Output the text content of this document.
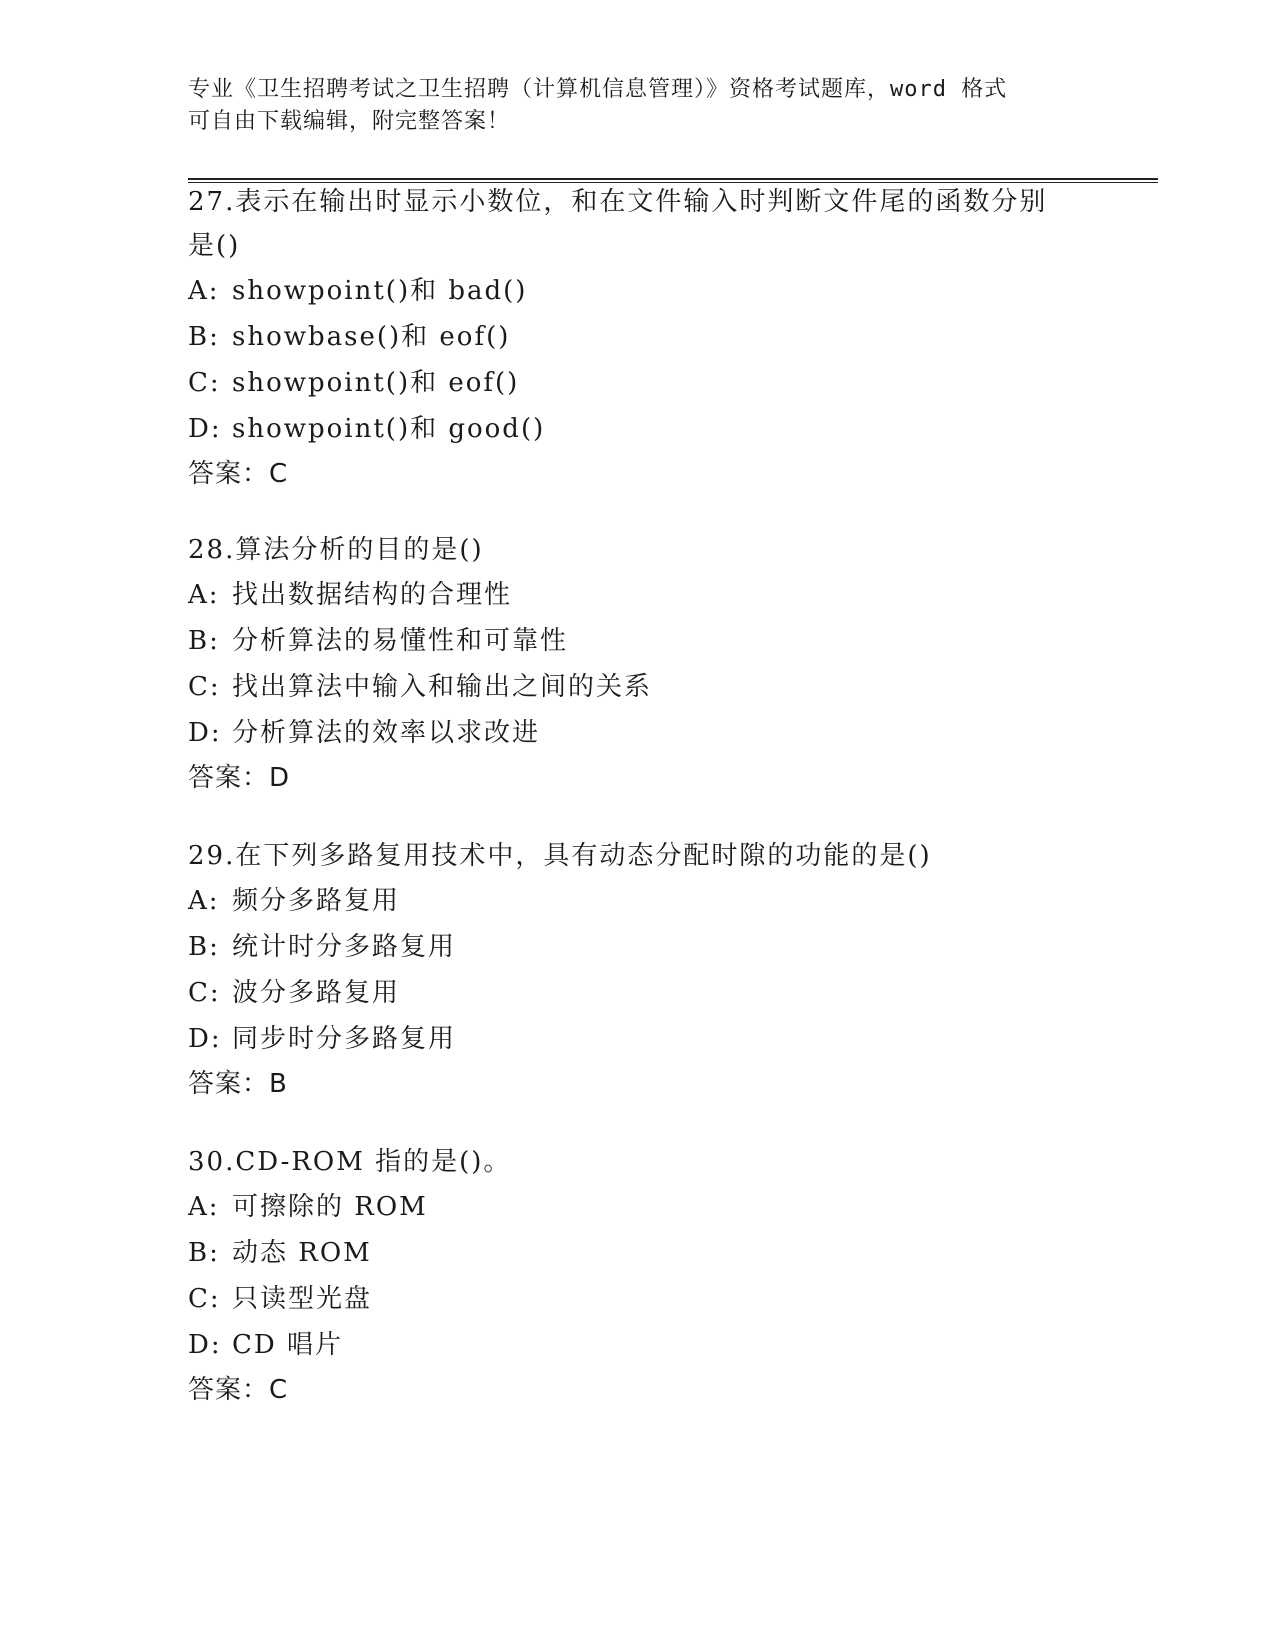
专业《卫生招聘考试之卫生招聘（计算机信息管理）》资格考试题库，word 格式
可自由下载编辑，附完整答案！

27.表示在输出时显示小数位，和在文件输入时判断文件尾的函数分别

是()

A: showpoint()和 bad()

B: showbase()和 eof()

C: showpoint()和 eof()

D: showpoint()和 good()

答案：C

28.算法分析的目的是()

A: 找出数据结构的合理性

B: 分析算法的易懂性和可靠性

C: 找出算法中输入和输出之间的关系

D: 分析算法的效率以求改进

答案：D

29.在下列多路复用技术中，具有动态分配时隙的功能的是()

A: 频分多路复用

B: 统计时分多路复用

C: 波分多路复用

D: 同步时分多路复用

答案：B

30.CD-ROM 指的是()。

A: 可擦除的 ROM

B: 动态 ROM

C: 只读型光盘

D: CD 唱片

答案：C
